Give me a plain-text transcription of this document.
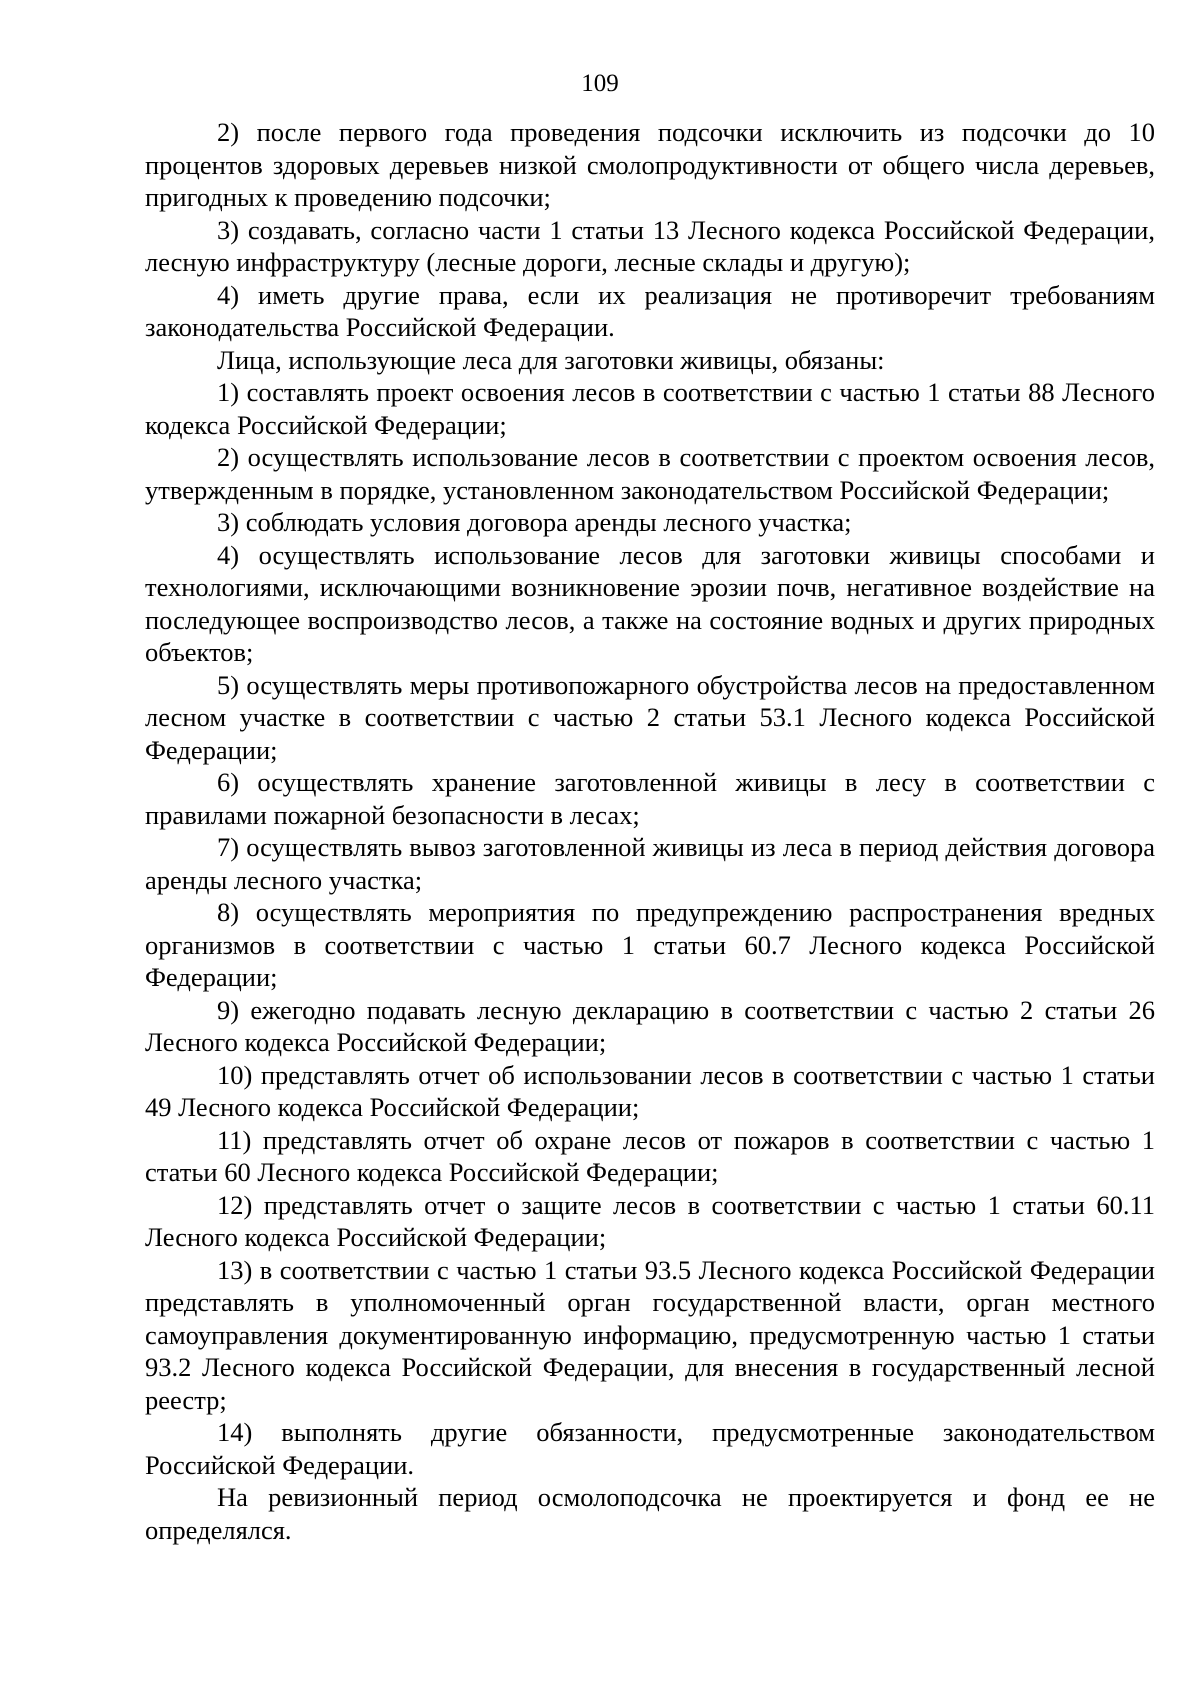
109

2) после первого года проведения подсочки исключить из подсочки до 10 процентов здоровых деревьев низкой смолопродуктивности от общего числа деревьев, пригодных к проведению подсочки;

3) создавать, согласно части 1 статьи 13 Лесного кодекса Российской Федерации, лесную инфраструктуру (лесные дороги, лесные склады и другую);

4) иметь другие права, если их реализация не противоречит требованиям законодательства Российской Федерации.

Лица, использующие леса для заготовки живицы, обязаны:

1) составлять проект освоения лесов в соответствии с частью 1 статьи 88 Лесного кодекса Российской Федерации;

2) осуществлять использование лесов в соответствии с проектом освоения лесов, утвержденным в порядке, установленном законодательством Российской Федерации;

3) соблюдать условия договора аренды лесного участка;

4) осуществлять использование лесов для заготовки живицы способами и технологиями, исключающими возникновение эрозии почв, негативное воздействие на последующее воспроизводство лесов, а также на состояние водных и других природных объектов;

5) осуществлять меры противопожарного обустройства лесов на предоставленном лесном участке в соответствии с частью 2 статьи 53.1 Лесного кодекса Российской Федерации;

6) осуществлять хранение заготовленной живицы в лесу в соответствии с правилами пожарной безопасности в лесах;

7) осуществлять вывоз заготовленной живицы из леса в период действия договора аренды лесного участка;

8) осуществлять мероприятия по предупреждению распространения вредных организмов в соответствии с частью 1 статьи 60.7 Лесного кодекса Российской Федерации;

9) ежегодно подавать лесную декларацию в соответствии с частью 2 статьи 26 Лесного кодекса Российской Федерации;

10) представлять отчет об использовании лесов в соответствии с частью 1 статьи 49 Лесного кодекса Российской Федерации;

11) представлять отчет об охране лесов от пожаров в соответствии с частью 1 статьи 60 Лесного кодекса Российской Федерации;

12) представлять отчет о защите лесов в соответствии с частью 1 статьи 60.11 Лесного кодекса Российской Федерации;

13) в соответствии с частью 1 статьи 93.5 Лесного кодекса Российской Федерации представлять в уполномоченный орган государственной власти, орган местного самоуправления документированную информацию, предусмотренную частью 1 статьи 93.2 Лесного кодекса Российской Федерации, для внесения в государственный лесной реестр;

14) выполнять другие обязанности, предусмотренные законодательством Российской Федерации.

На ревизионный период осмолоподсочка не проектируется и фонд ее не определялся.
